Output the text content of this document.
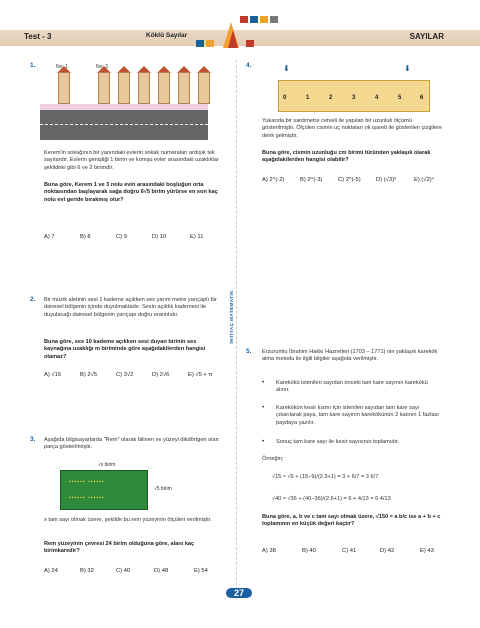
Test - 3	Köklü Sayılar	SAYILAR
İHTİYAÇ MATEMATİK
1.	No: 1	No: 3
Kerem'in sokağının bir yanındaki evlerin sokak numaraları ardışık tek sayılardır. Evlerin genişliği 1 birim ve komşu evler arasındaki uzaklıklar şekildeki gibi 6 ve 2 birimdir.
Buna göre, Kerem 1 ve 3 nolu evin arasındaki boşluğun orta noktasından başlayarak sağa doğru 6√5 birim yürürse en son kaç nolu evi geride bırakmış olur?
A) 7	B) 8	C) 9	D) 10	E) 11
2. Bir müzik aletinin sesi 1 kademe açıkken ses yarım metre yarıçaplı bir dairesel bölgenin içinde duyulmaktadır. Sesin açıklık kademesi ile duyulacağı dairesel bölgenin yarıçapı doğru orantılıdır.
Buna göre, ses 10 kademe açıkken sesi duyan birinin ses kaynağına uzaklığı m biriminde göre aşağıdakilerden hangisi olamaz?
A) √15	B) 2√5	C) 3√2	D) 2√6	E) √5 + π
3. Aşağıda bilgisayarlarda "Rem" olarak bilinen ve yüzeyi dikdörtgen olan parça gösterilmiştir.
√x birim
▪▪▪▪▪▪ ▪▪▪▪▪▪
▪▪▪▪▪▪ ▪▪▪▪▪▪
√5 birim
x tam sayı olmak üzere, şekilde bu rem yüzeyinin ölçüleri verilmiştir.
Rem yüzeyinin çevresi 24 birim olduğuna göre, alanı kaç birimkaredir?
A) 24	B) 32	C) 40	D) 48	E) 54
4.	⬇	⬇
0	1	2	3	4	5	6
Yukarıda bir santimetre cetveli ile yapılan bir uzunluk ölçümü gösterilmiştir. Ölçülen cismin uç noktaları ok işareti ile gösterilen çizgilere denk gelmiştir.
Buna göre, cismin uzunluğu cm birimi türünden yaklaşık olarak aşağıdakilerden hangisi olabilir?
A) 2^(-2)	B) 2^(-3)	C) 2^(-5)	D) (√3)³	E) (√2)⁴
5. Erzurumlu İbrahim Hakkı Hazretleri (1703 – 1771) nin yaklaşık karekök alma metodu ile ilgili bilgiler aşağıda verilmiştir.
•	Karekökü istenilen sayıdan önceki tam kare sayının karekökü alınır.
•	Karekökün kesir kısmı için istenilen sayıdan tam kare sayı çıkarılarak paya, tam kare sayının karekökünün 2 katının 1 fazlası paydaya yazılır.
•	Sonuç tam kare sayı ile kesir sayısının toplamıdır.
Örneğin;
√15 ≈ √9 + (15−9)/(2.3+1) = 3 + 6/7 = 3 6/7
√40 ≈ √36 + (40−36)/(2.6+1) = 6 + 4/13 = 6 4/13
Buna göre, a, b ve c tam sayı olmak üzere, √150 ≈ a b/c ise a + b + c toplamının en küçük değeri kaçtır?
A) 38	B) 40	C) 41	D) 42	E) 43
27
